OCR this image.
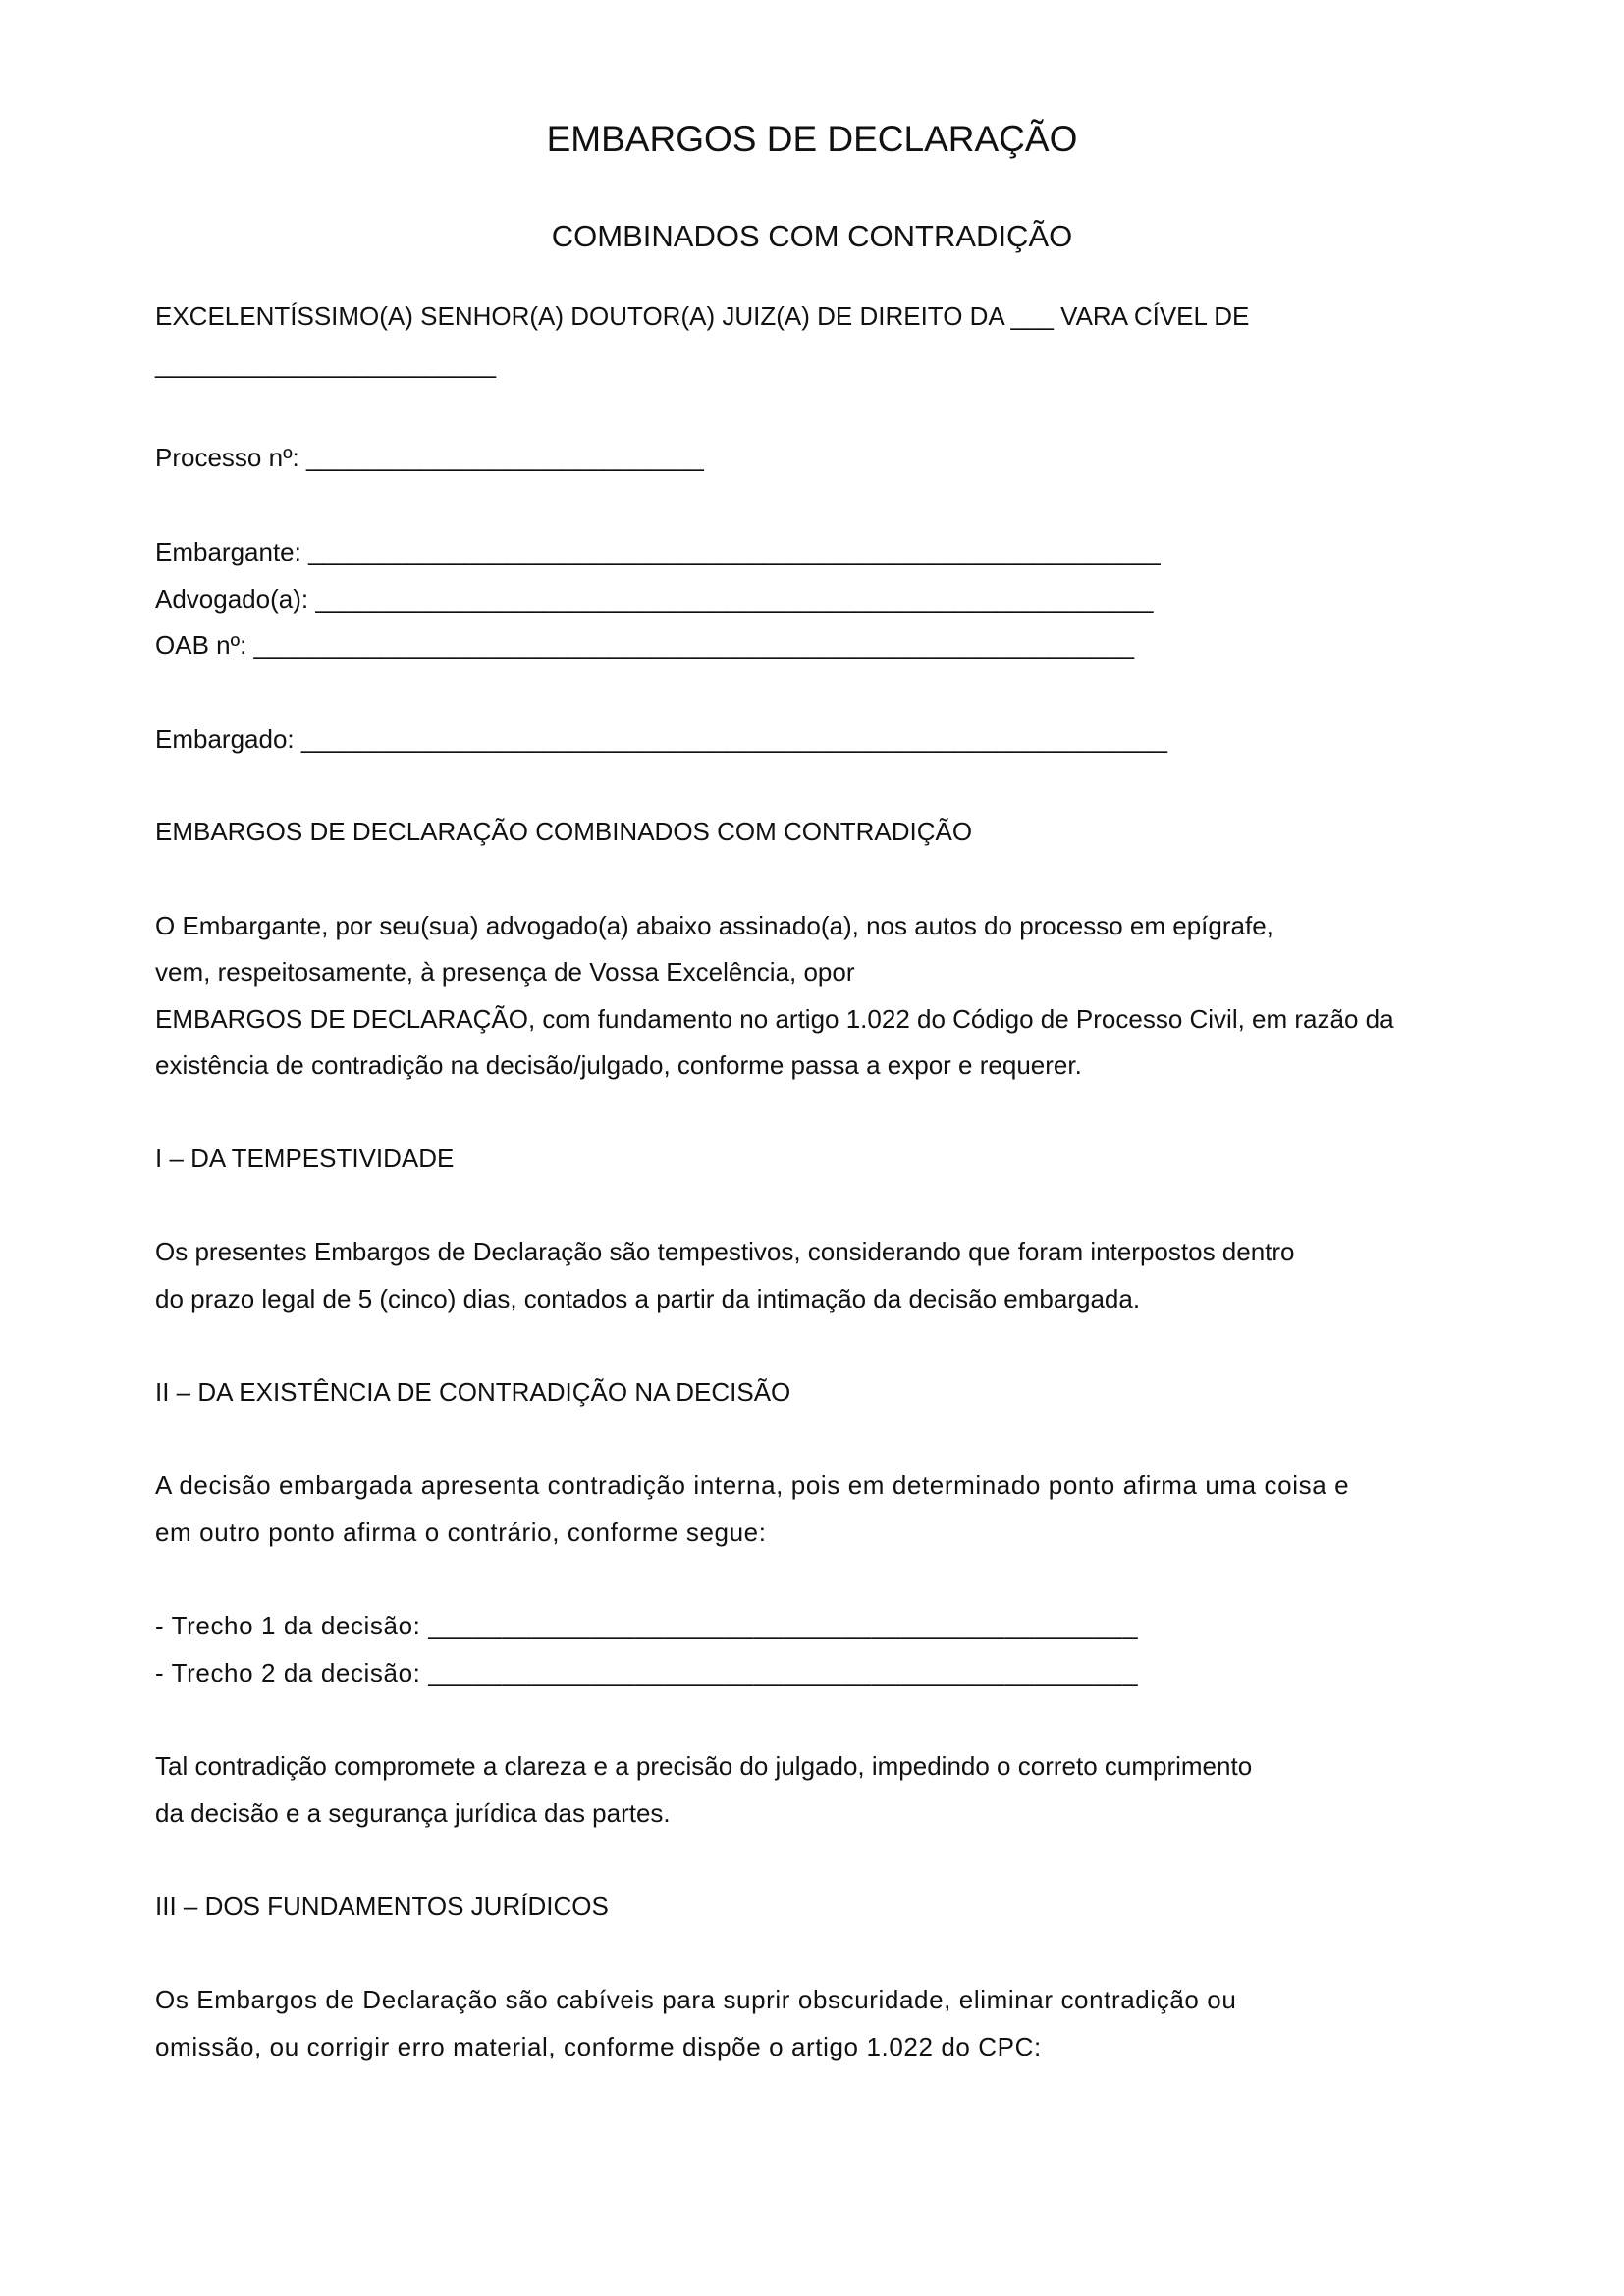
EMBARGOS DE DECLARAÇÃO
COMBINADOS COM CONTRADIÇÃO

EXCELENTÍSSIMO(A) SENHOR(A) DOUTOR(A) JUIZ(A) DE DIREITO DA ___ VARA CÍVEL DE

________________________

Processo nº: ____________________________

Embargante: ____________________________________________________________

Advogado(a): ___________________________________________________________

OAB nº: ______________________________________________________________

Embargado: _____________________________________________________________

EMBARGOS DE DECLARAÇÃO COMBINADOS COM CONTRADIÇÃO

O Embargante, por seu(sua) advogado(a) abaixo assinado(a), nos autos do processo em epígrafe,

vem, respeitosamente, à presença de Vossa Excelência, opor

EMBARGOS DE DECLARAÇÃO, com fundamento no artigo 1.022 do Código de Processo Civil, em razão da

existência de contradição na decisão/julgado, conforme passa a expor e requerer.

I – DA TEMPESTIVIDADE

Os presentes Embargos de Declaração são tempestivos, considerando que foram interpostos dentro

do prazo legal de 5 (cinco) dias, contados a partir da intimação da decisão embargada.

II – DA EXISTÊNCIA DE CONTRADIÇÃO NA DECISÃO

A decisão embargada apresenta contradição interna, pois em determinado ponto afirma uma coisa e

em outro ponto afirma o contrário, conforme segue:

- Trecho 1 da decisão: ________________________________________________

- Trecho 2 da decisão: ________________________________________________

Tal contradição compromete a clareza e a precisão do julgado, impedindo o correto cumprimento

da decisão e a segurança jurídica das partes.

III – DOS FUNDAMENTOS JURÍDICOS

Os Embargos de Declaração são cabíveis para suprir obscuridade, eliminar contradição ou

omissão, ou corrigir erro material, conforme dispõe o artigo 1.022 do CPC:
